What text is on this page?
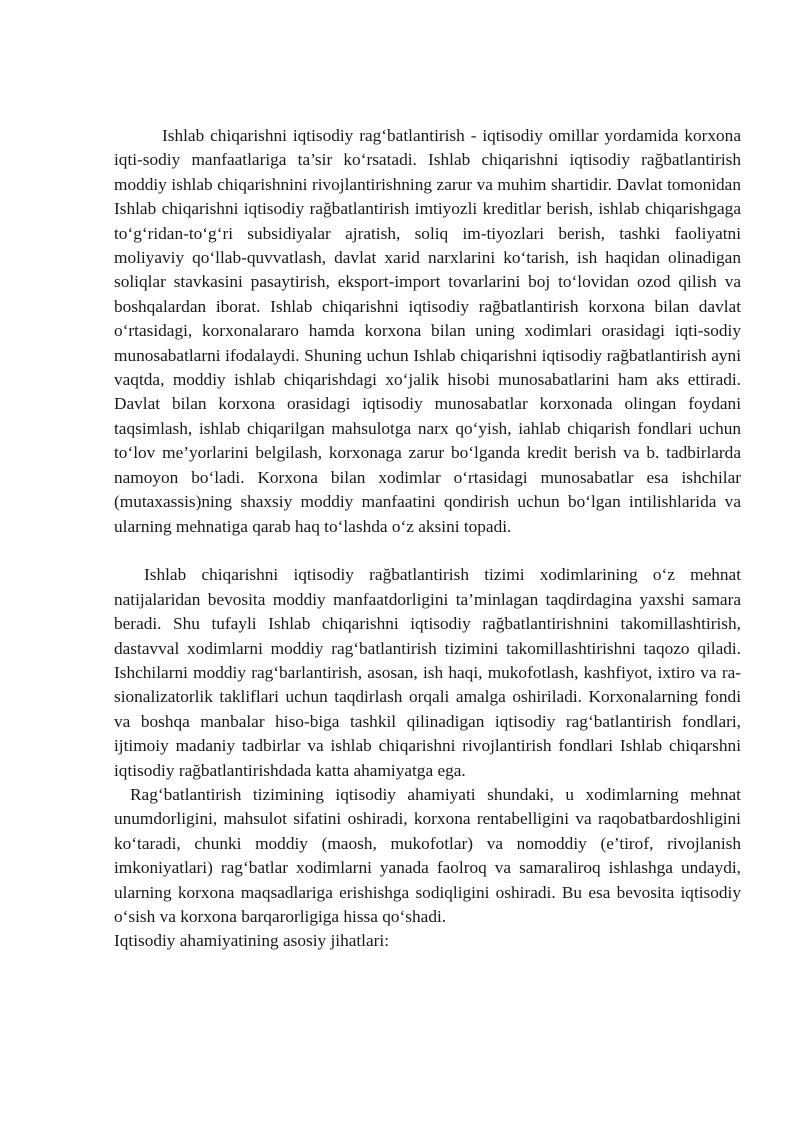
Ishlab chiqarishni iqtisodiy rag‘batlantirish - iqtisodiy omillar yordamida korxona iqti-sodiy manfaatlariga ta’sir ko‘rsatadi. Ishlab chiqarishni iqtisodiy rağbatlantirish moddiy ishlab chiqarishnini rivojlantirishning zarur va muhim shartidir. Davlat tomonidan Ishlab chiqarishni iqtisodiy rağbatlantirish imtiyozli kreditlar berish, ishlab chiqarishgaga to‘g‘ridan-to‘g‘ri subsidiyalar ajratish, soliq im-tiyozlari berish, tashki faoliyatni moliyaviy qo‘llab-quvvatlash, davlat xarid narxlarini ko‘tarish, ish haqidan olinadigan soliqlar stavkasini pasaytirish, eksport-import tovarlarini boj to‘lovidan ozod qilish va boshqalardan iborat. Ishlab chiqarishni iqtisodiy rağbatlantirish korxona bilan davlat o‘rtasidagi, korxonalararo hamda korxona bilan uning xodimlari orasidagi iqti-sodiy munosabatlarni ifodalaydi. Shuning uchun Ishlab chiqarishni iqtisodiy rağbatlantirish ayni vaqtda, moddiy ishlab chiqarishdagi xo‘jalik hisobi munosabatlarini ham aks ettiradi. Davlat bilan korxona orasidagi iqtisodiy munosabatlar korxonada olingan foydani taqsimlash, ishlab chiqarilgan mahsulotga narx qo‘yish, iahlab chiqarish fondlari uchun to‘lov me’yorlarini belgilash, korxonaga zarur bo‘lganda kredit berish va b. tadbirlarda namoyon bo‘ladi. Korxona bilan xodimlar o‘rtasidagi munosabatlar esa ishchilar (mutaxassis)ning shaxsiy moddiy manfaatini qondirish uchun bo‘lgan intilishlarida va ularning mehnatiga qarab haq to‘lashda o‘z aksini topadi.

Ishlab chiqarishni iqtisodiy rağbatlantirish tizimi xodimlarining o‘z mehnat natijalaridan bevosita moddiy manfaatdorligini ta’minlagan taqdirdagina yaxshi samara beradi. Shu tufayli Ishlab chiqarishni iqtisodiy rağbatlantirishnini takomillashtirish, dastavval xodimlarni moddiy rag‘batlantirish tizimini takomillashtirishni taqozo qiladi. Ishchilarni moddiy rag‘barlantirish, asosan, ish haqi, mukofotlash, kashfiyot, ixtiro va ra-sionalizatorlik takliflari uchun taqdirlash orqali amalga oshiriladi. Korxonalarning fondi va boshqa manbalar hiso-biga tashkil qilinadigan iqtisodiy rag‘batlantirish fondlari, ijtimoiy madaniy tadbirlar va ishlab chiqarishni rivojlantirish fondlari Ishlab chiqarshni iqtisodiy rağbatlantirishdada katta ahamiyatga ega.

Rag‘batlantirish tizimining iqtisodiy ahamiyati shundaki, u xodimlarning mehnat unumdorligini, mahsulot sifatini oshiradi, korxona rentabelligini va raqobatbardoshligini ko‘taradi, chunki moddiy (maosh, mukofotlar) va nomoddiy (e’tirof, rivojlanish imkoniyatlari) rag‘batlar xodimlarni yanada faolroq va samaraliroq ishlashga undaydi, ularning korxona maqsadlariga erishishga sodiqligini oshiradi. Bu esa bevosita iqtisodiy o‘sish va korxona barqarorligiga hissa qo‘shadi.

Iqtisodiy ahamiyatining asosiy jihatlari:
